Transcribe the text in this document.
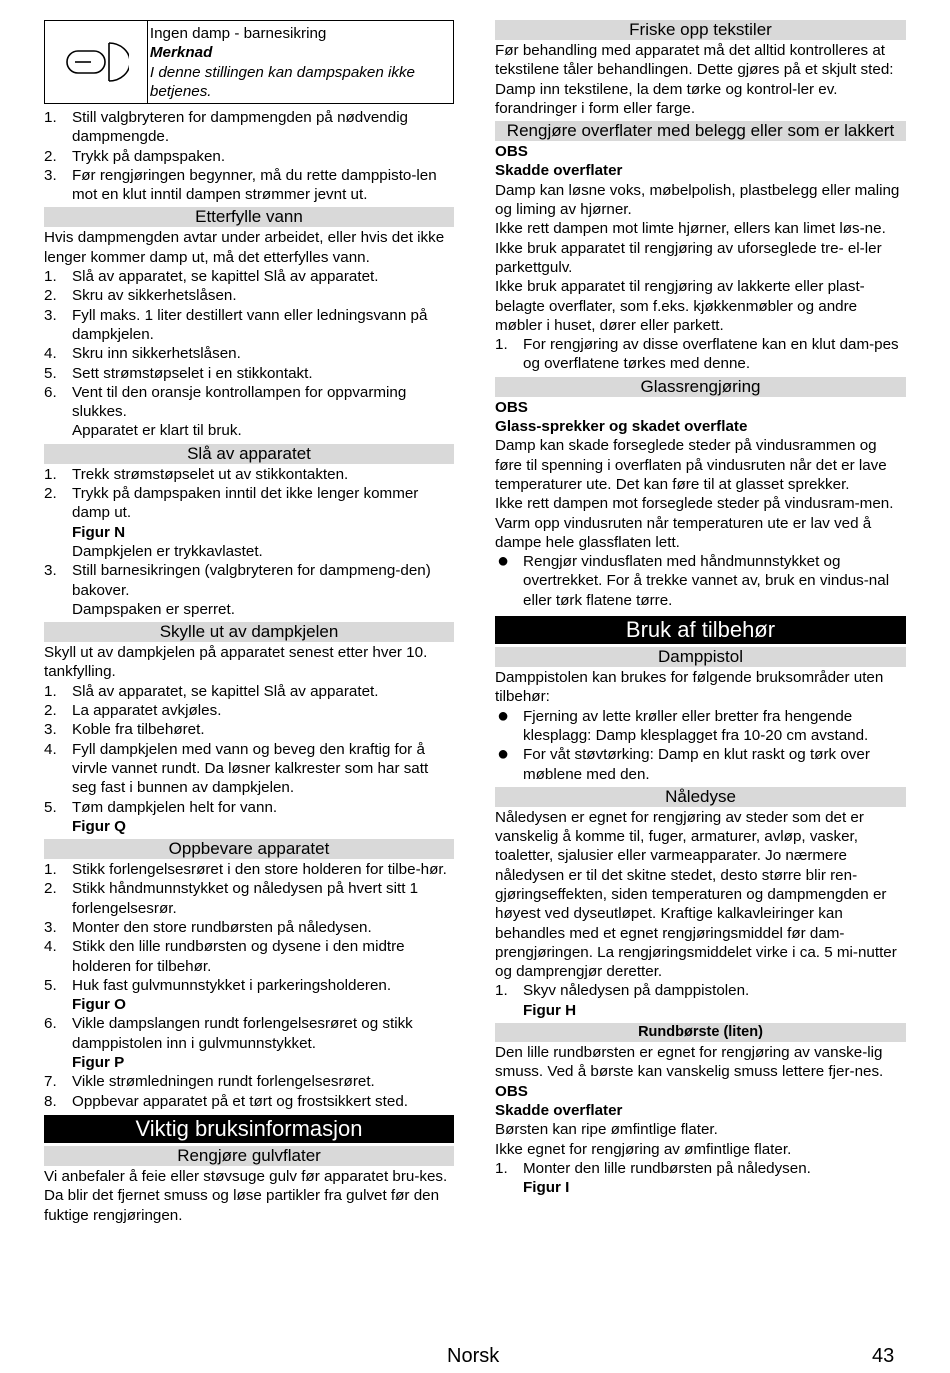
Ingen damp - barnesikring

Merknad

I denne stillingen kan dampspaken ikke betjenes.

1. Still valgbryteren for dampmengden på nødvendig dampmengde.
2. Trykk på dampspaken.
3. Før rengjøringen begynner, må du rette damppisto-len mot en klut inntil dampen strømmer jevnt ut.
Etterfylle vann

Hvis dampmengden avtar under arbeidet, eller hvis det ikke lenger kommer damp ut, må det etterfylles vann.

1. Slå av apparatet, se kapittel Slå av apparatet.
2. Skru av sikkerhetslåsen.
3. Fyll maks. 1 liter destillert vann eller ledningsvann på dampkjelen.
4. Skru inn sikkerhetslåsen.
5. Sett strømstøpselet i en stikkontakt.
6. Vent til den oransje kontrollampen for oppvarming slukkes.

Apparatet er klart til bruk.

Slå av apparatet
1. Trekk strømstøpselet ut av stikkontakten.
2. Trykk på dampspaken inntil det ikke lenger kommer damp ut.

Figur N

Dampkjelen er trykkavlastet.

3. Still barnesikringen (valgbryteren for dampmeng-den) bakover.

Dampspaken er sperret.

Skylle ut av dampkjelen

Skyll ut av dampkjelen på apparatet senest etter hver 10. tankfylling.

1. Slå av apparatet, se kapittel Slå av apparatet.
2. La apparatet avkjøles.
3. Koble fra tilbehøret.
4. Fyll dampkjelen med vann og beveg den kraftig for å virvle vannet rundt. Da løsner kalkrester som har satt seg fast i bunnen av dampkjelen.
5. Tøm dampkjelen helt for vann.

Figur Q

Oppbevare apparatet
1. Stikk forlengelsesrøret i den store holderen for tilbe-hør.
2. Stikk håndmunnstykket og nåledysen på hvert sitt 1 forlengelsesrør.
3. Monter den store rundbørsten på nåledysen.
4. Stikk den lille rundbørsten og dysene i den midtre holderen for tilbehør.
5. Huk fast gulvmunnstykket i parkeringsholderen.

Figur O

6. Vikle dampslangen rundt forlengelsesrøret og stikk damppistolen inn i gulvmunnstykket.

Figur P

7. Vikle strømledningen rundt forlengelsesrøret.
8. Oppbevar apparatet på et tørt og frostsikkert sted.
Viktig bruksinformasjon
Rengjøre gulvflater

Vi anbefaler å feie eller støvsuge gulv før apparatet bru-kes. Da blir det fjernet smuss og løse partikler fra gulvet før den fuktige rengjøringen.

Friske opp tekstiler

Før behandling med apparatet må det alltid kontrolleres at tekstilene tåler behandlingen. Dette gjøres på et skjult sted: Damp inn tekstilene, la dem tørke og kontrol-ler ev. forandringer i form eller farge.

Rengjøre overflater med belegg eller som er lakkert

OBS

Skadde overflater

Damp kan løsne voks, møbelpolish, plastbelegg eller maling og liming av hjørner.

Ikke rett dampen mot limte hjørner, ellers kan limet løs-ne.

Ikke bruk apparatet til rengjøring av uforseglede tre- el-ler parkettgulv.

Ikke bruk apparatet til rengjøring av lakkerte eller plast-belagte overflater, som f.eks. kjøkkenmøbler og andre møbler i huset, dører eller parkett.

1. For rengjøring av disse overflatene kan en klut dam-pes og overflatene tørkes med denne.
Glassrengjøring

OBS

Glass-sprekker og skadet overflate

Damp kan skade forseglede steder på vindusrammen og føre til spenning i overflaten på vindusruten når det er lave temperaturer ute. Det kan føre til at glasset sprekker.

Ikke rett dampen mot forseglede steder på vindusram-men.

Varm opp vindusruten når temperaturen ute er lav ved å dampe hele glassflaten lett.

● Rengjør vindusflaten med håndmunnstykket og overtrekket. For å trekke vannet av, bruk en vindus-nal eller tørk flatene tørre.
Bruk af tilbehør
Damppistol

Damppistolen kan brukes for følgende bruksområder uten tilbehør:

● Fjerning av lette krøller eller bretter fra hengende klesplagg: Damp klesplagget fra 10-20 cm avstand.
● For våt støvtørking: Damp en klut raskt og tørk over møblene med den.
Nåledyse

Nåledysen er egnet for rengjøring av steder som det er vanskelig å komme til, fuger, armaturer, avløp, vasker, toaletter, sjalusier eller varmeapparater. Jo nærmere nåledysen er til det skitne stedet, desto større blir ren-gjøringseffekten, siden temperaturen og dampmengden er høyest ved dyseutløpet. Kraftige kalkavleiringer kan behandles med et egnet rengjøringsmiddel før dam-prengjøringen. La rengjøringsmiddelet virke i ca. 5 mi-nutter og damprengjør deretter.

1. Skyv nåledysen på damppistolen.

Figur H

Rundbørste (liten)

Den lille rundbørsten er egnet for rengjøring av vanske-lig smuss. Ved å børste kan vanskelig smuss lettere fjer-nes.

OBS

Skadde overflater

Børsten kan ripe ømfintlige flater.

Ikke egnet for rengjøring av ømfintlige flater.

1. Monter den lille rundbørsten på nåledysen.

Figur I

Norsk	43
